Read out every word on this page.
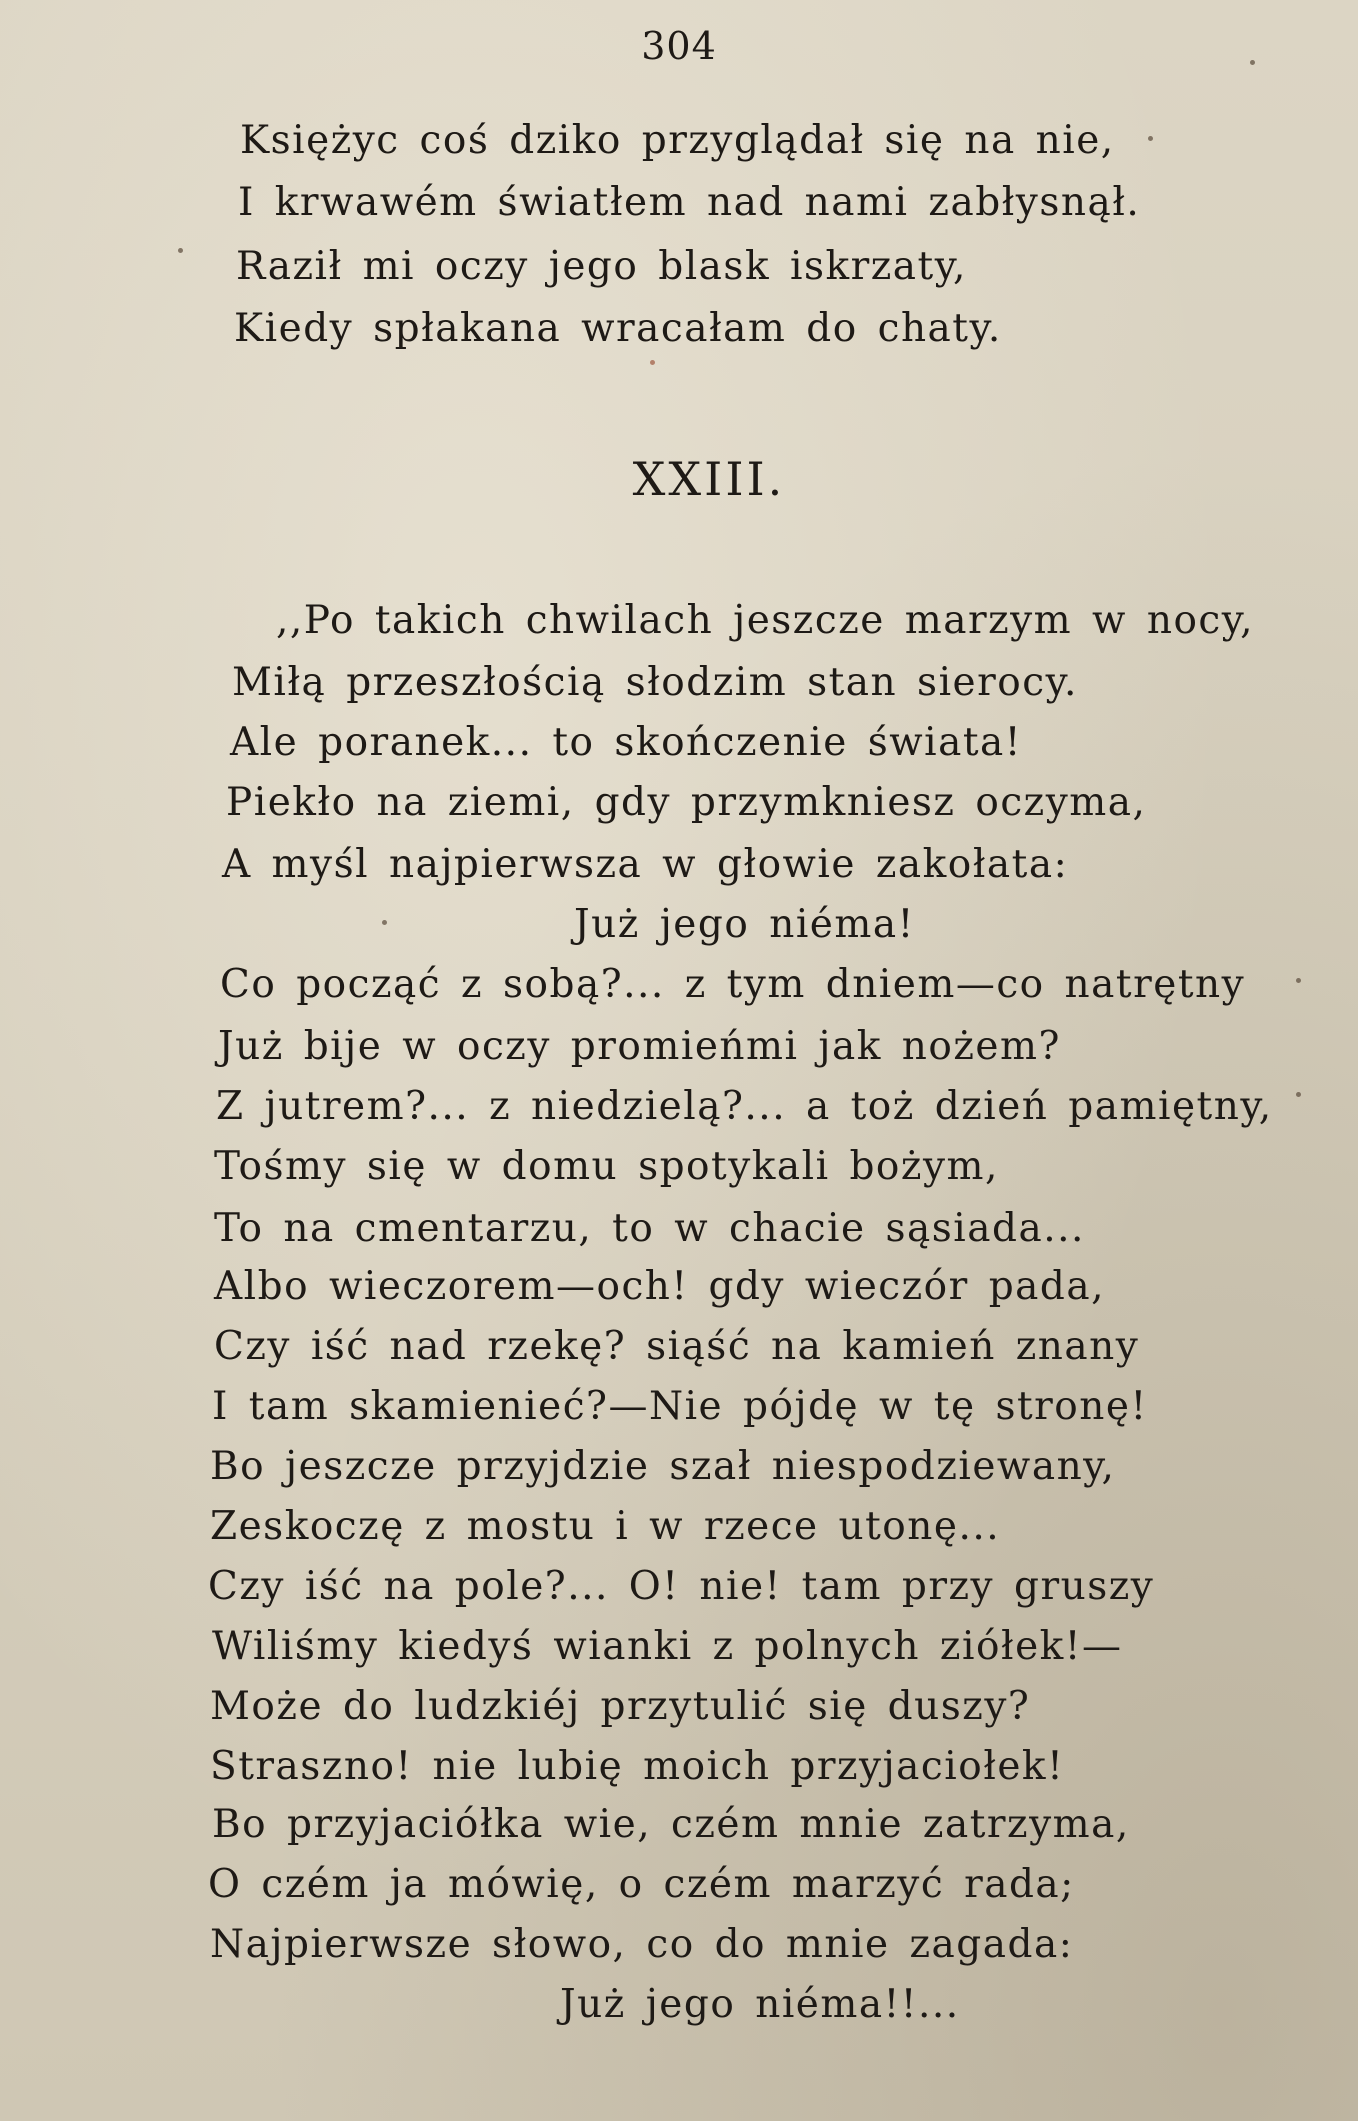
304
Księżyc coś dziko przyglądał się na nie,
I krwawém światłem nad nami zabłysnął.
Raził mi oczy jego blask iskrzaty,
Kiedy spłakana wracałam do chaty.
XXIII.
,,Po takich chwilach jeszcze marzym w nocy,
Miłą przeszłością słodzim stan sierocy.
Ale poranek... to skończenie świata!
Piekło na ziemi, gdy przymkniesz oczyma,
A myśl najpierwsza w głowie zakołata:
Już jego niéma!
Co począć z sobą?... z tym dniem—co natrętny
Już bije w oczy promieńmi jak nożem?
Z jutrem?... z niedzielą?... a toż dzień pamiętny,
Tośmy się w domu spotykali bożym,
To na cmentarzu, to w chacie sąsiada...
Albo wieczorem—och! gdy wieczór pada,
Czy iść nad rzekę? siąść na kamień znany
I tam skamienieć?—Nie pójdę w tę stronę!
Bo jeszcze przyjdzie szał niespodziewany,
Zeskoczę z mostu i w rzece utonę...
Czy iść na pole?... O! nie! tam przy gruszy
Wiliśmy kiedyś wianki z polnych ziółek!—
Może do ludzkiéj przytulić się duszy?
Straszno! nie lubię moich przyjaciołek!
Bo przyjaciółka wie, czém mnie zatrzyma,
O czém ja mówię, o czém marzyć rada;
Najpierwsze słowo, co do mnie zagada:
Już jego niéma!!...
